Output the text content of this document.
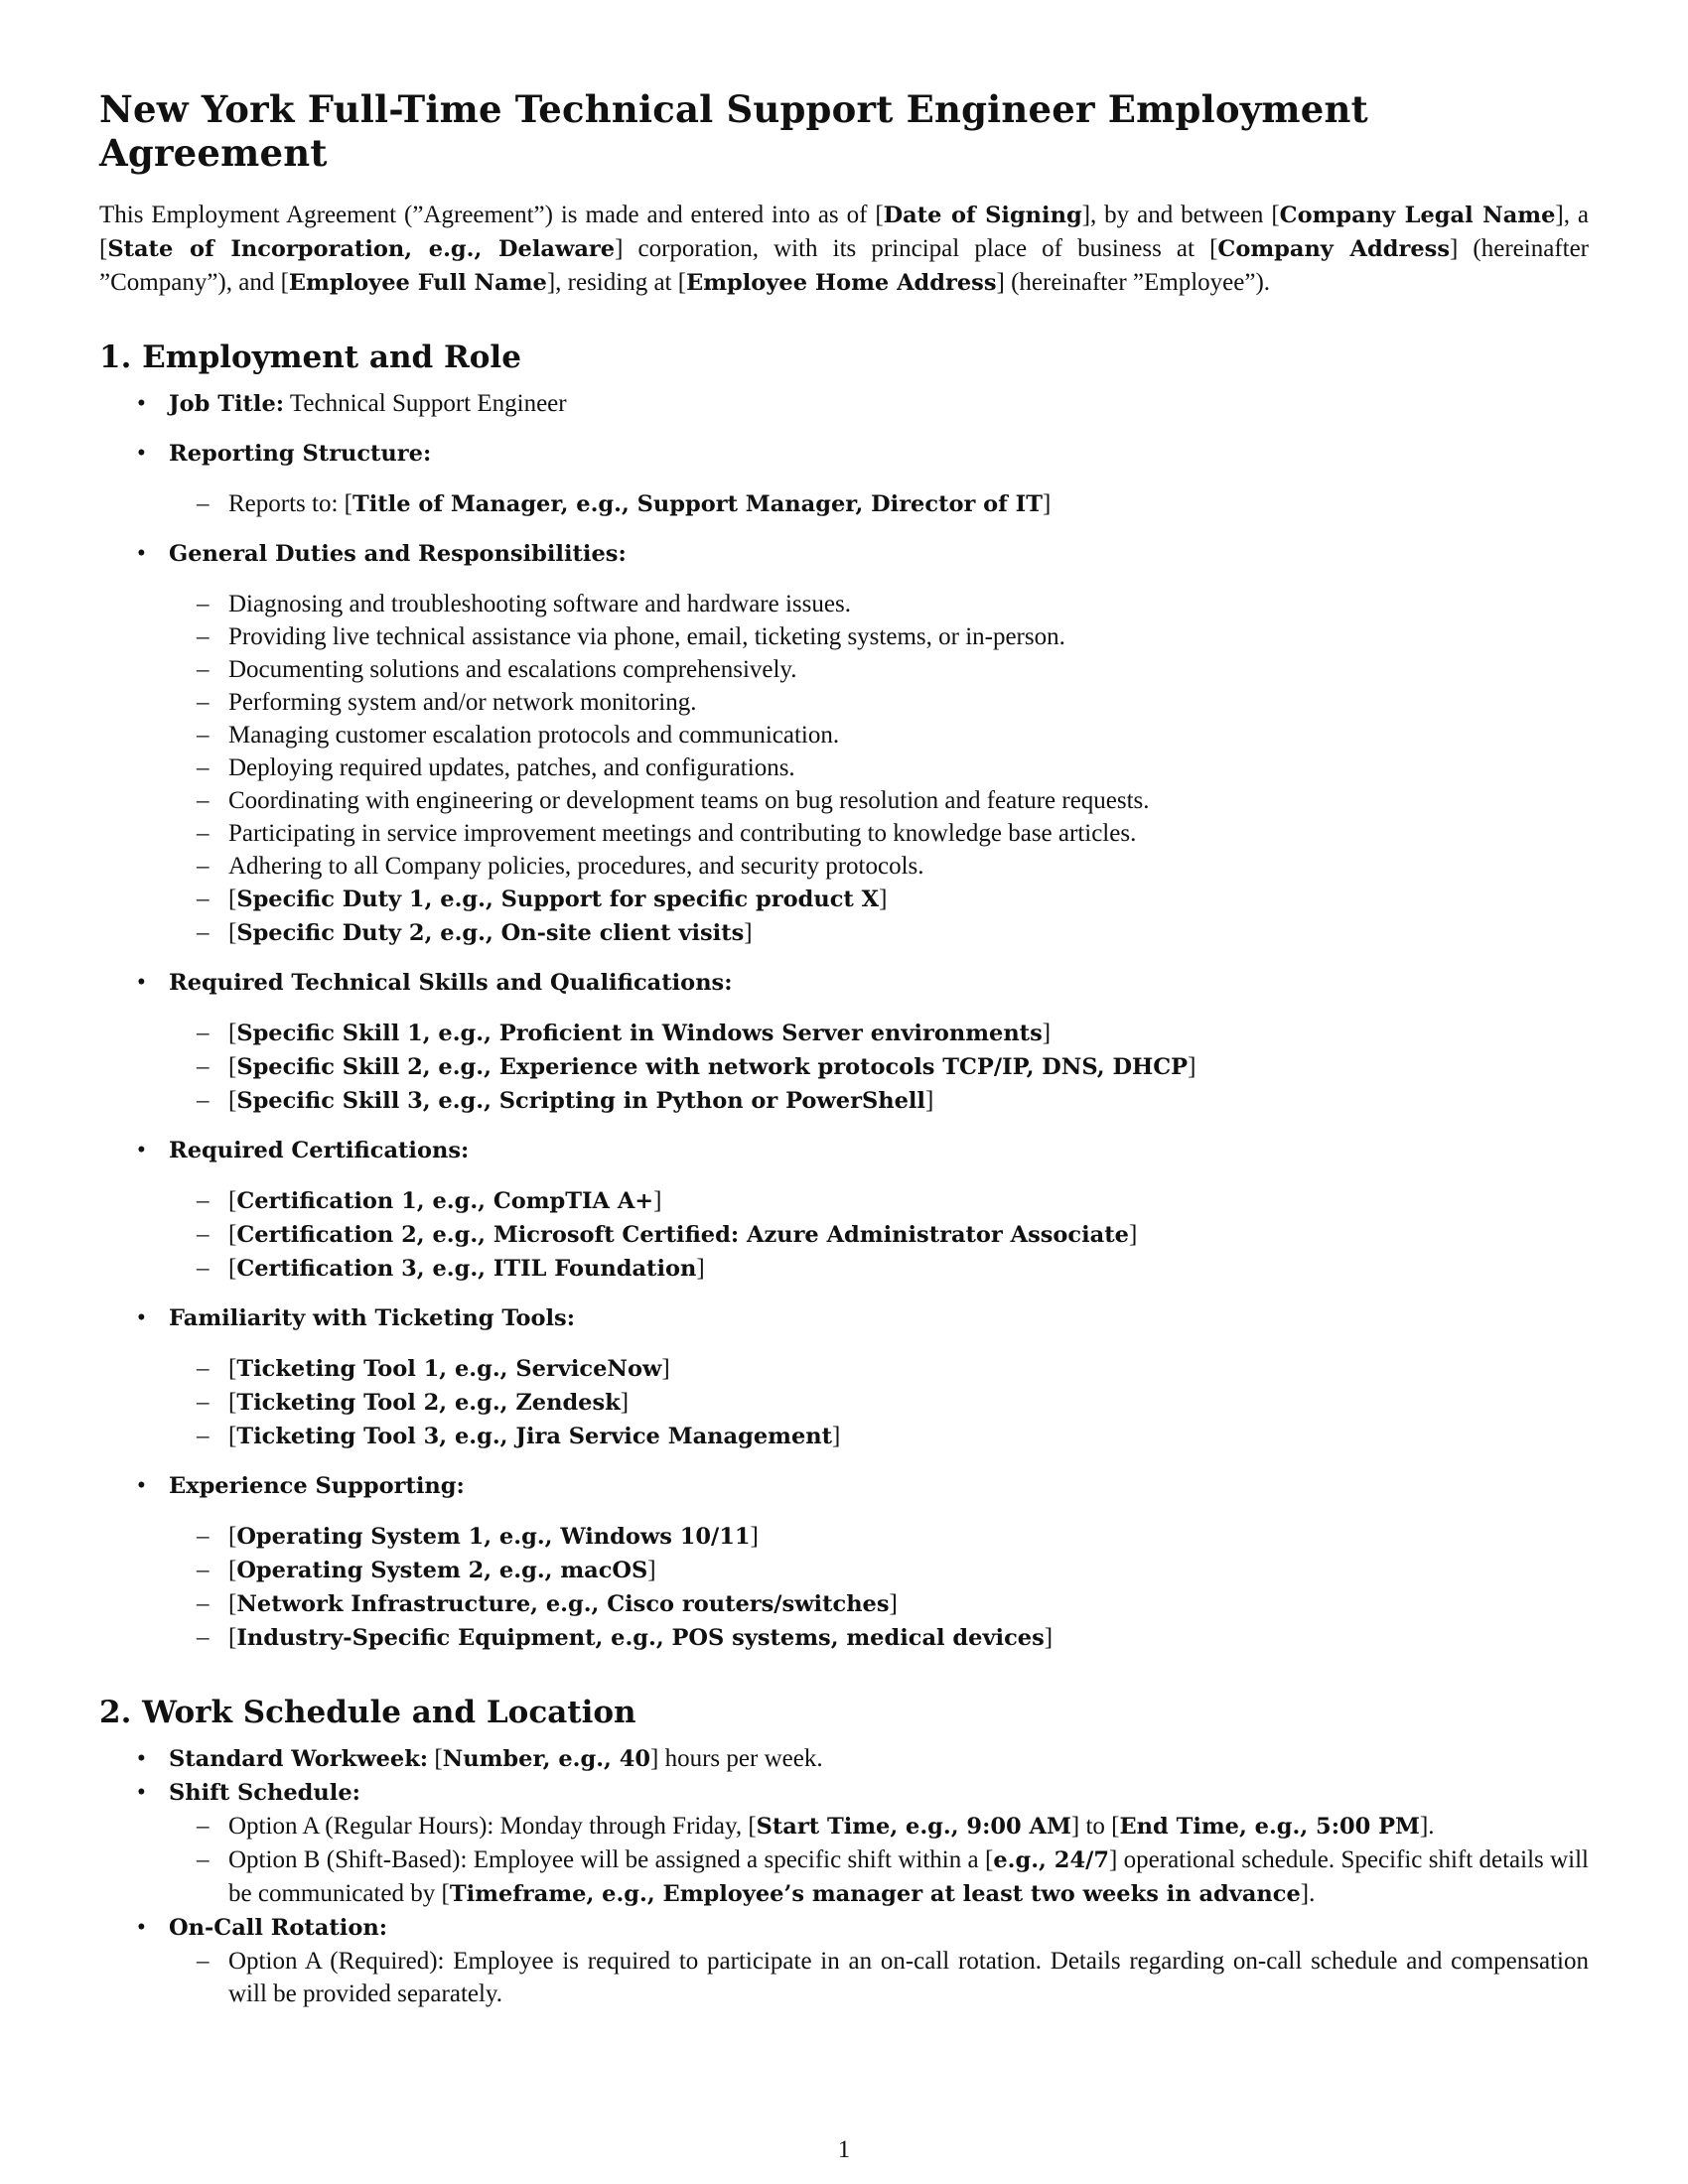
New York Full-Time Technical Support Engineer Employment Agreement

This Employment Agreement (”Agreement”) is made and entered into as of [Date of Signing], by and between [Company Legal Name], a [State of Incorporation, e.g., Delaware] corporation, with its principal place of business at [Company Address] (hereinafter ”Company”), and [Employee Full Name], residing at [Employee Home Address] (hereinafter ”Employee”).

1. Employment and Role
• Job Title: Technical Support Engineer
• Reporting Structure:
– Reports to: [Title of Manager, e.g., Support Manager, Director of IT]
• General Duties and Responsibilities:
– Diagnosing and troubleshooting software and hardware issues.
– Providing live technical assistance via phone, email, ticketing systems, or in-person.
– Documenting solutions and escalations comprehensively.
– Performing system and/or network monitoring.
– Managing customer escalation protocols and communication.
– Deploying required updates, patches, and configurations.
– Coordinating with engineering or development teams on bug resolution and feature requests.
– Participating in service improvement meetings and contributing to knowledge base articles.
– Adhering to all Company policies, procedures, and security protocols.
– [Specific Duty 1, e.g., Support for specific product X]
– [Specific Duty 2, e.g., On-site client visits]
• Required Technical Skills and Qualifications:
– [Specific Skill 1, e.g., Proficient in Windows Server environments]
– [Specific Skill 2, e.g., Experience with network protocols TCP/IP, DNS, DHCP]
– [Specific Skill 3, e.g., Scripting in Python or PowerShell]
• Required Certifications:
– [Certification 1, e.g., CompTIA A+]
– [Certification 2, e.g., Microsoft Certified: Azure Administrator Associate]
– [Certification 3, e.g., ITIL Foundation]
• Familiarity with Ticketing Tools:
– [Ticketing Tool 1, e.g., ServiceNow]
– [Ticketing Tool 2, e.g., Zendesk]
– [Ticketing Tool 3, e.g., Jira Service Management]
• Experience Supporting:
– [Operating System 1, e.g., Windows 10/11]
– [Operating System 2, e.g., macOS]
– [Network Infrastructure, e.g., Cisco routers/switches]
– [Industry-Specific Equipment, e.g., POS systems, medical devices]
2. Work Schedule and Location
• Standard Workweek: [Number, e.g., 40] hours per week.
• Shift Schedule:
– Option A (Regular Hours): Monday through Friday, [Start Time, e.g., 9:00 AM] to [End Time, e.g., 5:00 PM].
– Option B (Shift-Based): Employee will be assigned a specific shift within a [e.g., 24/7] operational schedule. Specific shift details will be communicated by [Timeframe, e.g., Employee’s manager at least two weeks in advance].
• On-Call Rotation:
– Option A (Required): Employee is required to participate in an on-call rotation. Details regarding on-call schedule and compensation will be provided separately.
1
